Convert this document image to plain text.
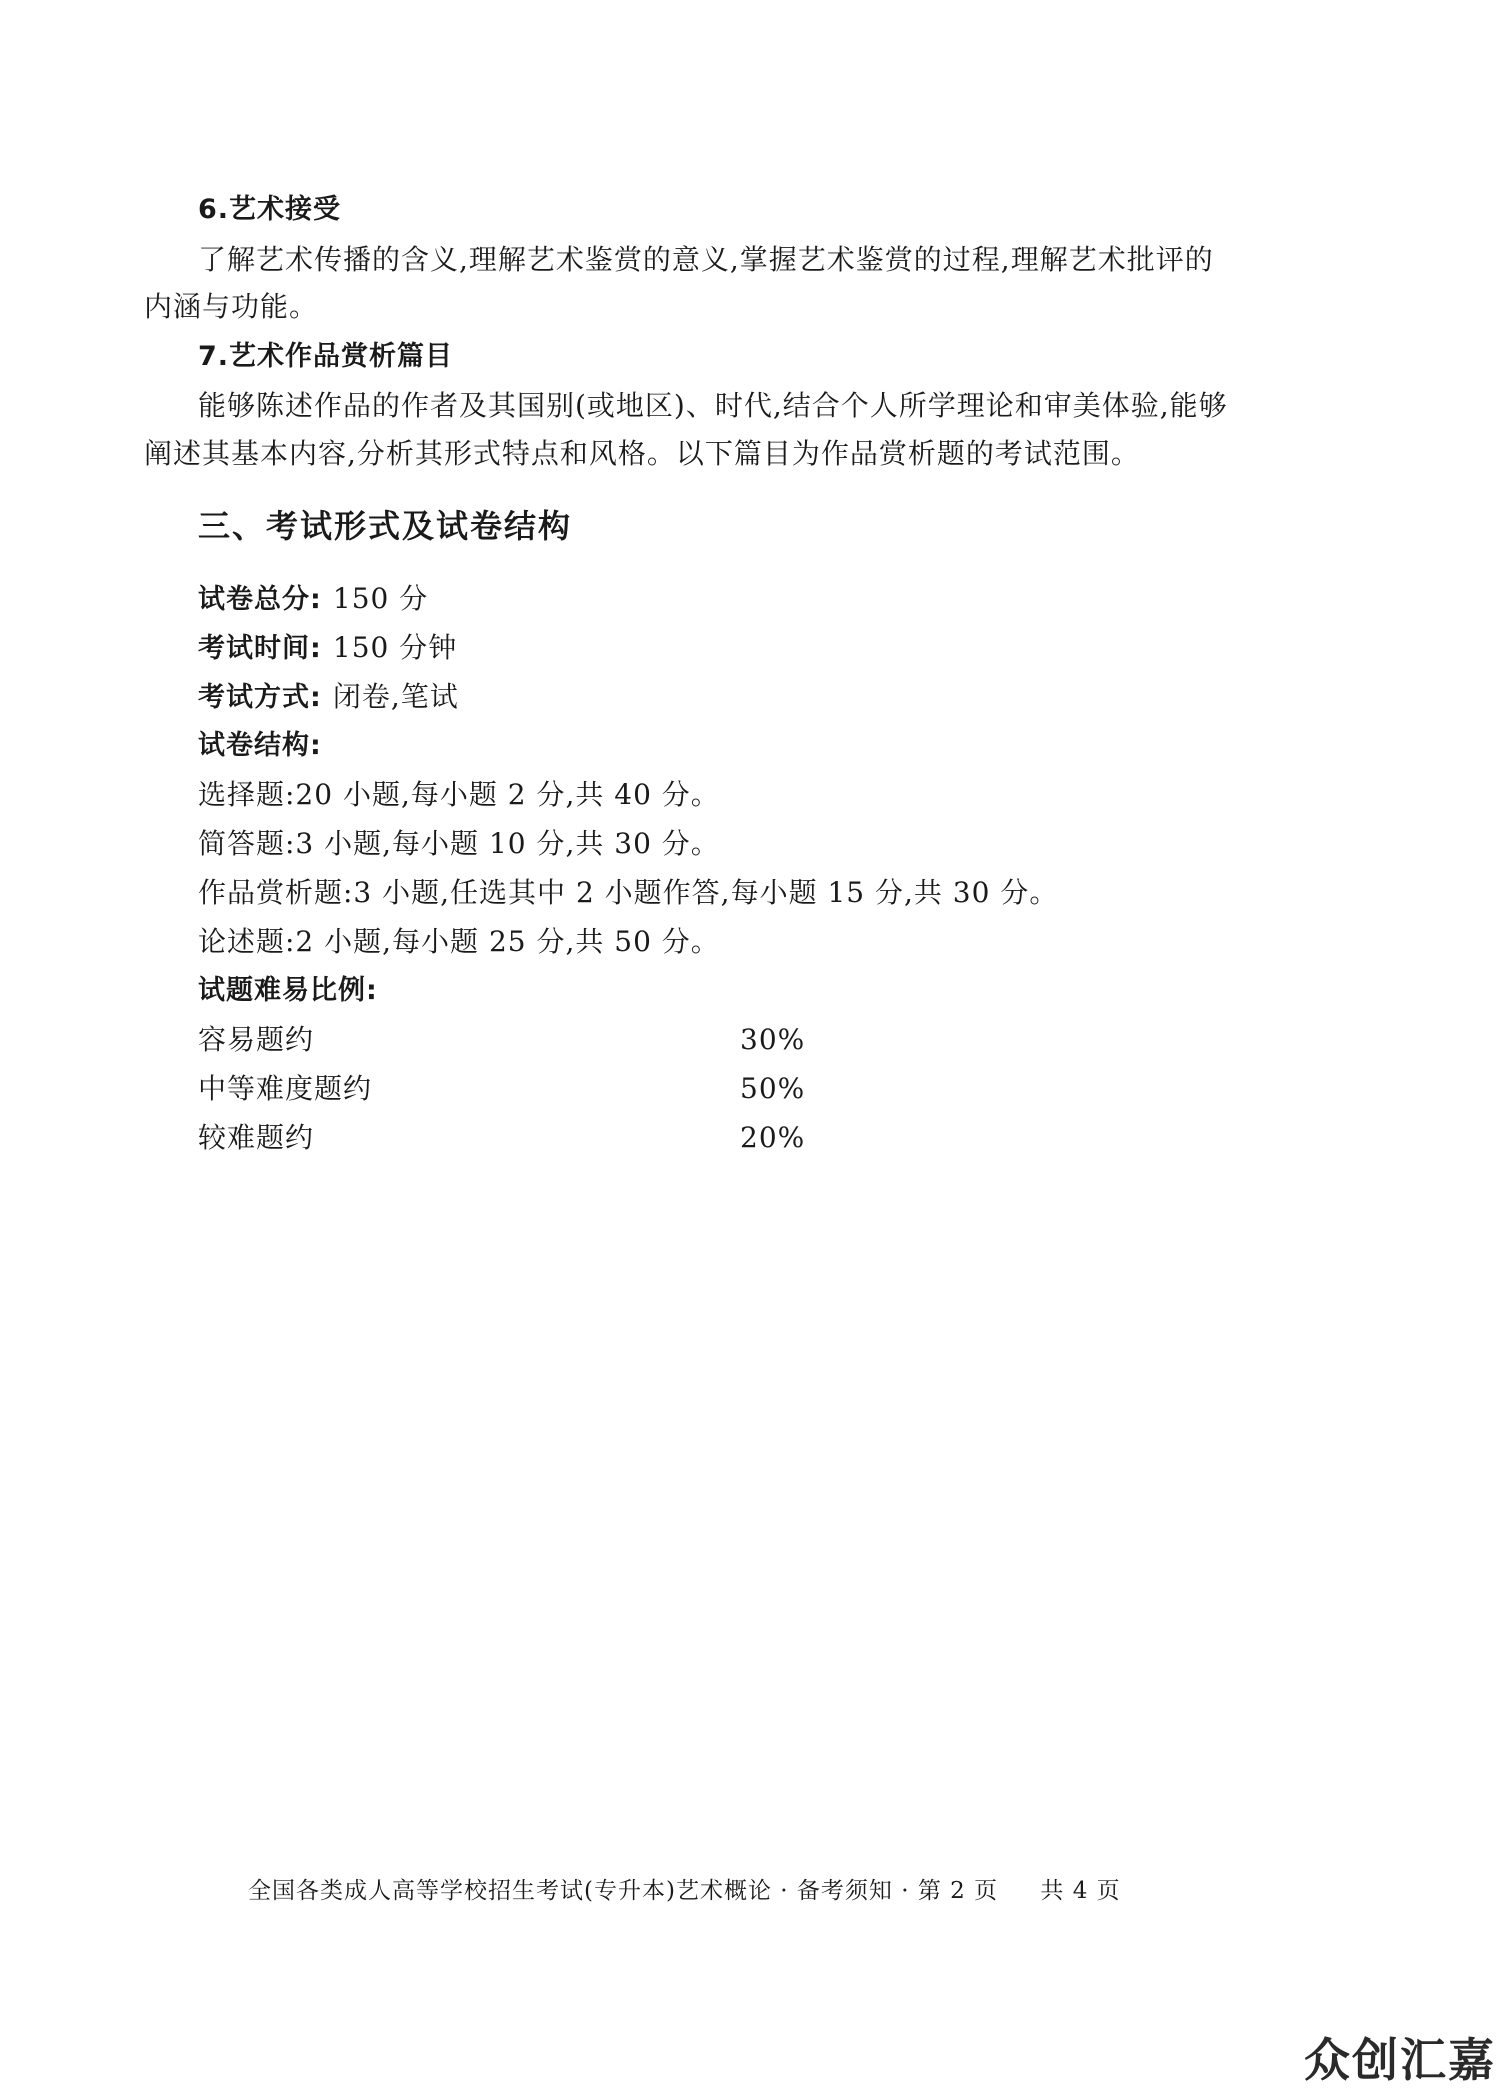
6.艺术接受
了解艺术传播的含义,理解艺术鉴赏的意义,掌握艺术鉴赏的过程,理解艺术批评的
内涵与功能。
7.艺术作品赏析篇目
能够陈述作品的作者及其国别(或地区)、时代,结合个人所学理论和审美体验,能够
阐述其基本内容,分析其形式特点和风格。以下篇目为作品赏析题的考试范围。
三、考试形式及试卷结构
试卷总分: 150 分
考试时间: 150 分钟
考试方式: 闭卷,笔试
试卷结构:
选择题:20 小题,每小题 2 分,共 40 分。
简答题:3 小题,每小题 10 分,共 30 分。
作品赏析题:3 小题,任选其中 2 小题作答,每小题 15 分,共 30 分。
论述题:2 小题,每小题 25 分,共 50 分。
试题难易比例:
容易题约	30%
中等难度题约	50%
较难题约	20%
全国各类成人高等学校招生考试(专升本)艺术概论 · 备考须知 · 第 2 页 共 4 页
众创汇嘉
